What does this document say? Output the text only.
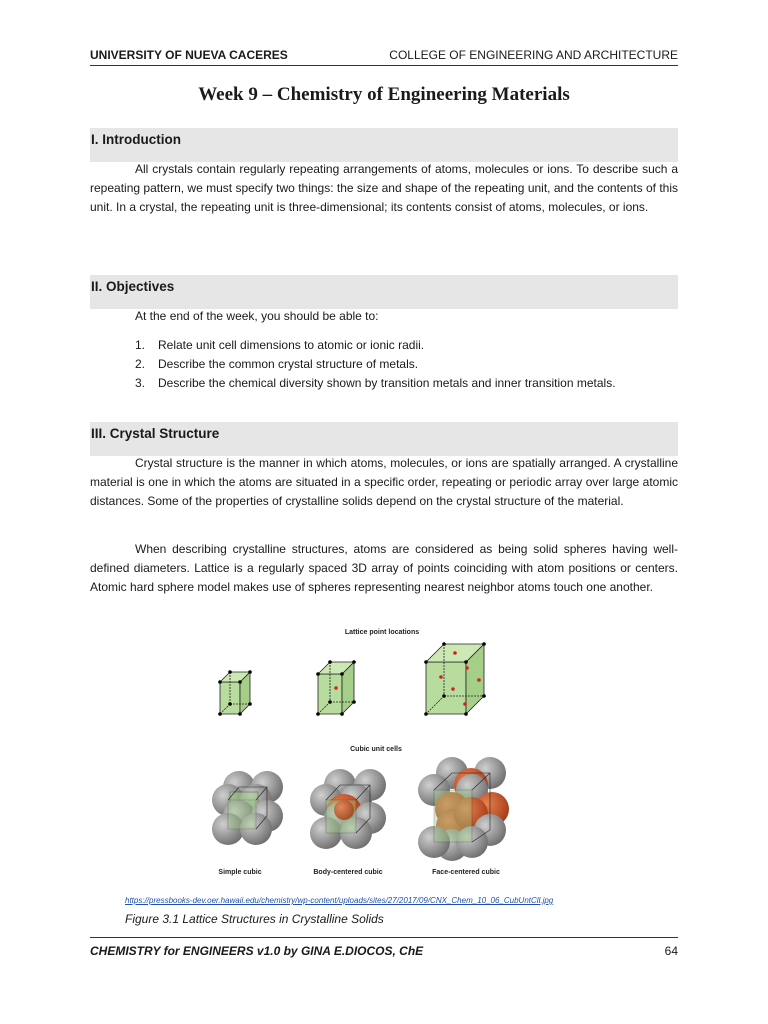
UNIVERSITY OF NUEVA CACERES	COLLEGE OF ENGINEERING AND ARCHITECTURE
Week 9 – Chemistry of Engineering Materials
I. Introduction
All crystals contain regularly repeating arrangements of atoms, molecules or ions. To describe such a repeating pattern, we must specify two things: the size and shape of the repeating unit, and the contents of this unit. In a crystal, the repeating unit is three-dimensional; its contents consist of atoms, molecules, or ions.
II. Objectives
At the end of the week, you should be able to:
1. Relate unit cell dimensions to atomic or ionic radii.
2. Describe the common crystal structure of metals.
3. Describe the chemical diversity shown by transition metals and inner transition metals.
III. Crystal Structure
Crystal structure is the manner in which atoms, molecules, or ions are spatially arranged. A crystalline material is one in which the atoms are situated in a specific order, repeating or periodic array over large atomic distances. Some of the properties of crystalline solids depend on the crystal structure of the material.
When describing crystalline structures, atoms are considered as being solid spheres having well-defined diameters. Lattice is a regularly spaced 3D array of points coinciding with atom positions or centers. Atomic hard sphere model makes use of spheres representing nearest neighbor atoms touch one another.
Lattice point locations
Cubic unit cells
Simple cubic	Body-centered cubic	Face-centered cubic
https://pressbooks-dev.oer.hawaii.edu/chemistry/wp-content/uploads/sites/27/2017/09/CNX_Chem_10_06_CubUntCll.jpg
Figure 3.1 Lattice Structures in Crystalline Solids
CHEMISTRY for ENGINEERS v1.0 by GINA E.DIOCOS, ChE	64
